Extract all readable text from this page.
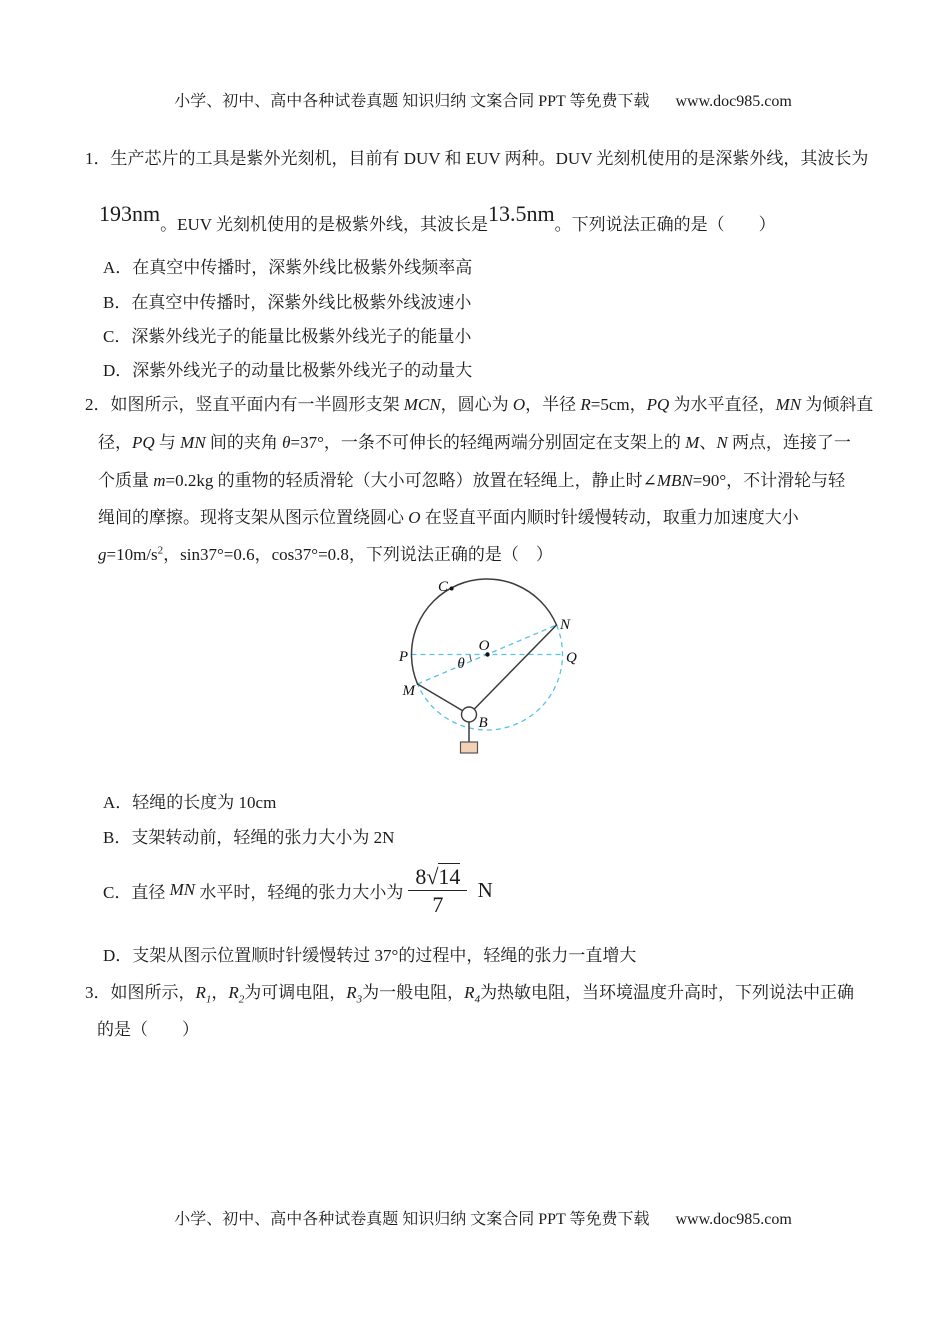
小学、初中、高中各种试卷真题 知识归纳 文案合同 PPT 等免费下载 www.doc985.com

1．生产芯片的工具是紫外光刻机，目前有 DUV 和 EUV 两种。DUV 光刻机使用的是深紫外线，其波长为
193nm。EUV 光刻机使用的是极紫外线，其波长是13.5nm。下列说法正确的是（　　）
A．在真空中传播时，深紫外线比极紫外线频率高
B．在真空中传播时，深紫外线比极紫外线波速小
C．深紫外线光子的能量比极紫外线光子的能量小
D．深紫外线光子的动量比极紫外线光子的动量大
2．如图所示，竖直平面内有一半圆形支架 MCN，圆心为 O，半径 R=5cm，PQ 为水平直径，MN 为倾斜直
径，PQ 与 MN 间的夹角 θ=37°，一条不可伸长的轻绳两端分别固定在支架上的 M、N 两点，连接了一
个质量 m=0.2kg 的重物的轻质滑轮（大小可忽略）放置在轻绳上，静止时∠MBN=90°，不计滑轮与轻
绳间的摩擦。现将支架从图示位置绕圆心 O 在竖直平面内顺时针缓慢转动，取重力加速度大小
$g=10m/s^2$，sin37°=0.6，cos37°=0.8，下列说法正确的是（　）
C
N
P	Q
O
M
B
θ
A．轻绳的长度为 10cm
B．支架转动前，轻绳的张力大小为 2N
C．直径 MN 水平时，轻绳的张力大小为 $\frac{8√ 14}{7}$ N
D．支架从图示位置顺时针缓慢转过 37°的过程中，轻绳的张力一直增大
3．如图所示，$R_1$，$R_2$为可调电阻，$R_3$为一般电阻，$R_4$为热敏电阻，当环境温度升高时，下列说法中正确
的是（　　）

小学、初中、高中各种试卷真题 知识归纳 文案合同 PPT 等免费下载 www.doc985.com
